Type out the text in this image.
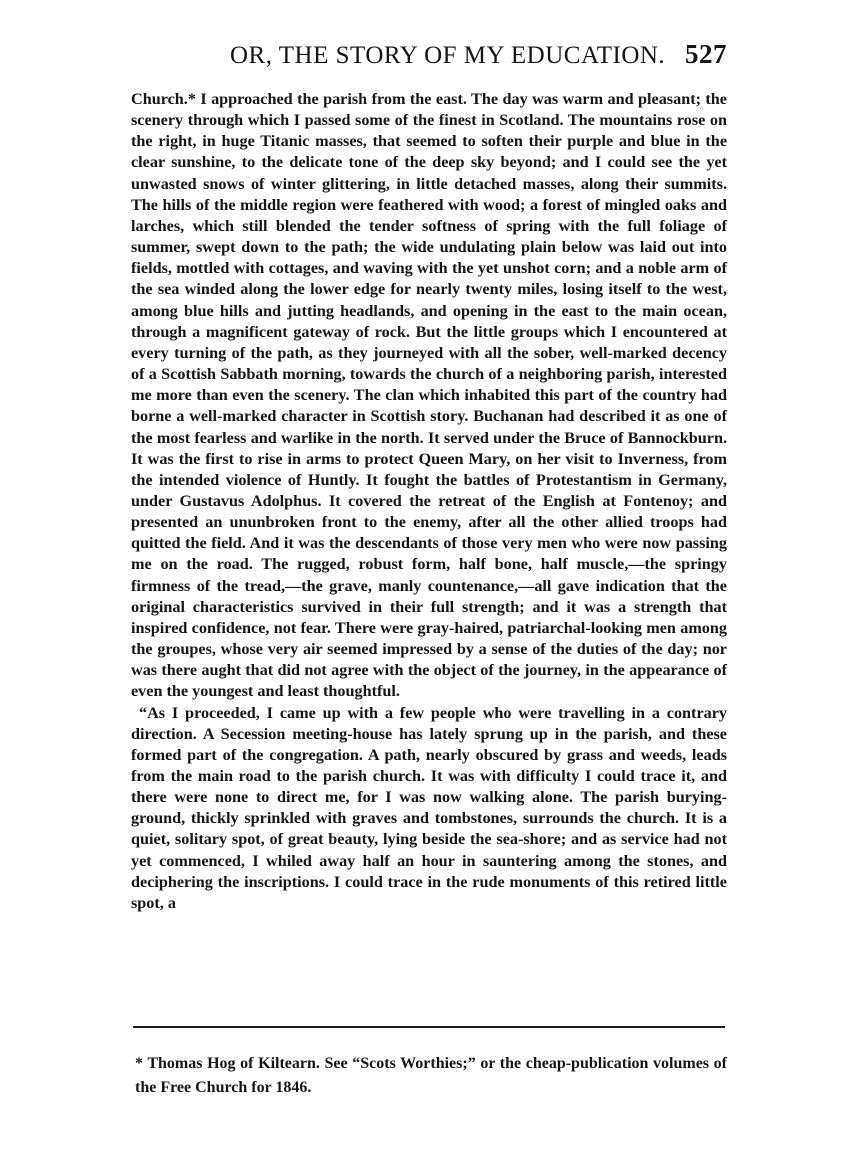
OR, THE STORY OF MY EDUCATION. 527

Church.* I approached the parish from the east. The day was warm and pleasant; the scenery through which I passed some of the finest in Scotland. The mountains rose on the right, in huge Titanic masses, that seemed to soften their purple and blue in the clear sunshine, to the delicate tone of the deep sky beyond; and I could see the yet unwasted snows of winter glittering, in little detached masses, along their summits. The hills of the middle region were feathered with wood; a forest of mingled oaks and larches, which still blended the tender softness of spring with the full foliage of summer, swept down to the path; the wide undulating plain below was laid out into fields, mottled with cottages, and waving with the yet unshot corn; and a noble arm of the sea winded along the lower edge for nearly twenty miles, losing itself to the west, among blue hills and jutting headlands, and opening in the east to the main ocean, through a magnificent gateway of rock. But the little groups which I encountered at every turning of the path, as they journeyed with all the sober, well-marked decency of a Scottish Sabbath morning, towards the church of a neighboring parish, interested me more than even the scenery. The clan which inhabited this part of the country had borne a well-marked character in Scottish story. Buchanan had described it as one of the most fearless and warlike in the north. It served under the Bruce of Bannockburn. It was the first to rise in arms to protect Queen Mary, on her visit to Inverness, from the intended violence of Huntly. It fought the battles of Protestantism in Germany, under Gustavus Adolphus. It covered the retreat of the English at Fontenoy; and presented an ununbroken front to the enemy, after all the other allied troops had quitted the field. And it was the descendants of those very men who were now passing me on the road. The rugged, robust form, half bone, half muscle,—the springy firmness of the tread,—the grave, manly countenance,—all gave indication that the original characteristics survived in their full strength; and it was a strength that inspired confidence, not fear. There were gray-haired, patriarchal-looking men among the groupes, whose very air seemed impressed by a sense of the duties of the day; nor was there aught that did not agree with the object of the journey, in the appearance of even the youngest and least thoughtful.

“As I proceeded, I came up with a few people who were travelling in a contrary direction. A Secession meeting-house has lately sprung up in the parish, and these formed part of the congregation. A path, nearly obscured by grass and weeds, leads from the main road to the parish church. It was with difficulty I could trace it, and there were none to direct me, for I was now walking alone. The parish burying-ground, thickly sprinkled with graves and tombstones, surrounds the church. It is a quiet, solitary spot, of great beauty, lying beside the sea-shore; and as service had not yet commenced, I whiled away half an hour in sauntering among the stones, and deciphering the inscriptions. I could trace in the rude monuments of this retired little spot, a

* Thomas Hog of Kiltearn. See “Scots Worthies;” or the cheap-publication volumes of the Free Church for 1846.
